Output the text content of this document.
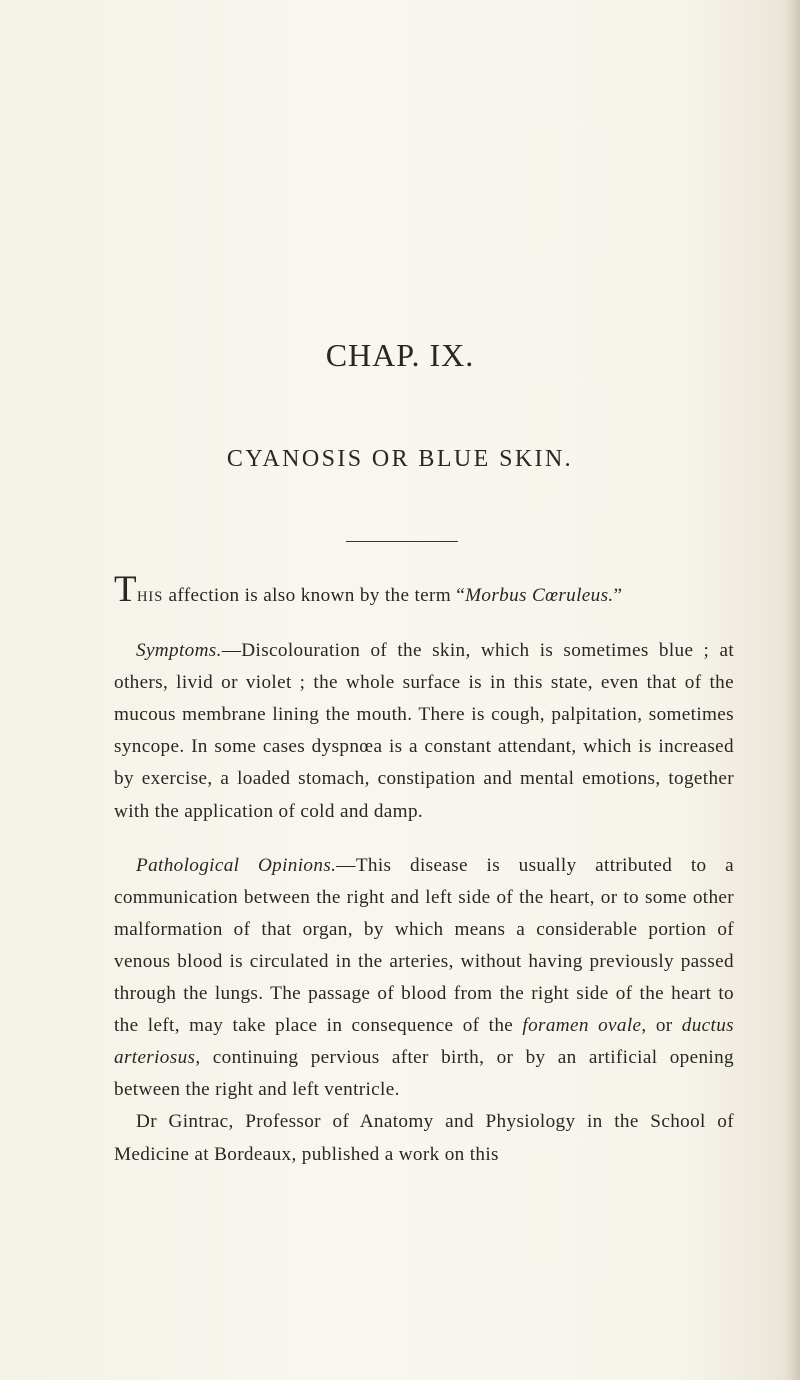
CHAP. IX.
CYANOSIS OR BLUE SKIN.

THIS affection is also known by the term “Morbus Cœruleus.”

Symptoms.—Discolouration of the skin, which is sometimes blue ; at others, livid or violet ; the whole surface is in this state, even that of the mucous membrane lining the mouth. There is cough, palpitation, sometimes syncope. In some cases dyspnœa is a constant attendant, which is increased by exercise, a loaded stomach, constipation and mental emotions, together with the application of cold and damp.

Pathological Opinions.—This disease is usually attributed to a communication between the right and left side of the heart, or to some other malformation of that organ, by which means a considerable portion of venous blood is circulated in the arteries, without having previously passed through the lungs. The passage of blood from the right side of the heart to the left, may take place in consequence of the foramen ovale, or ductus arteriosus, continuing pervious after birth, or by an artificial opening between the right and left ventricle.

Dr Gintrac, Professor of Anatomy and Physiology in the School of Medicine at Bordeaux, published a work on this
